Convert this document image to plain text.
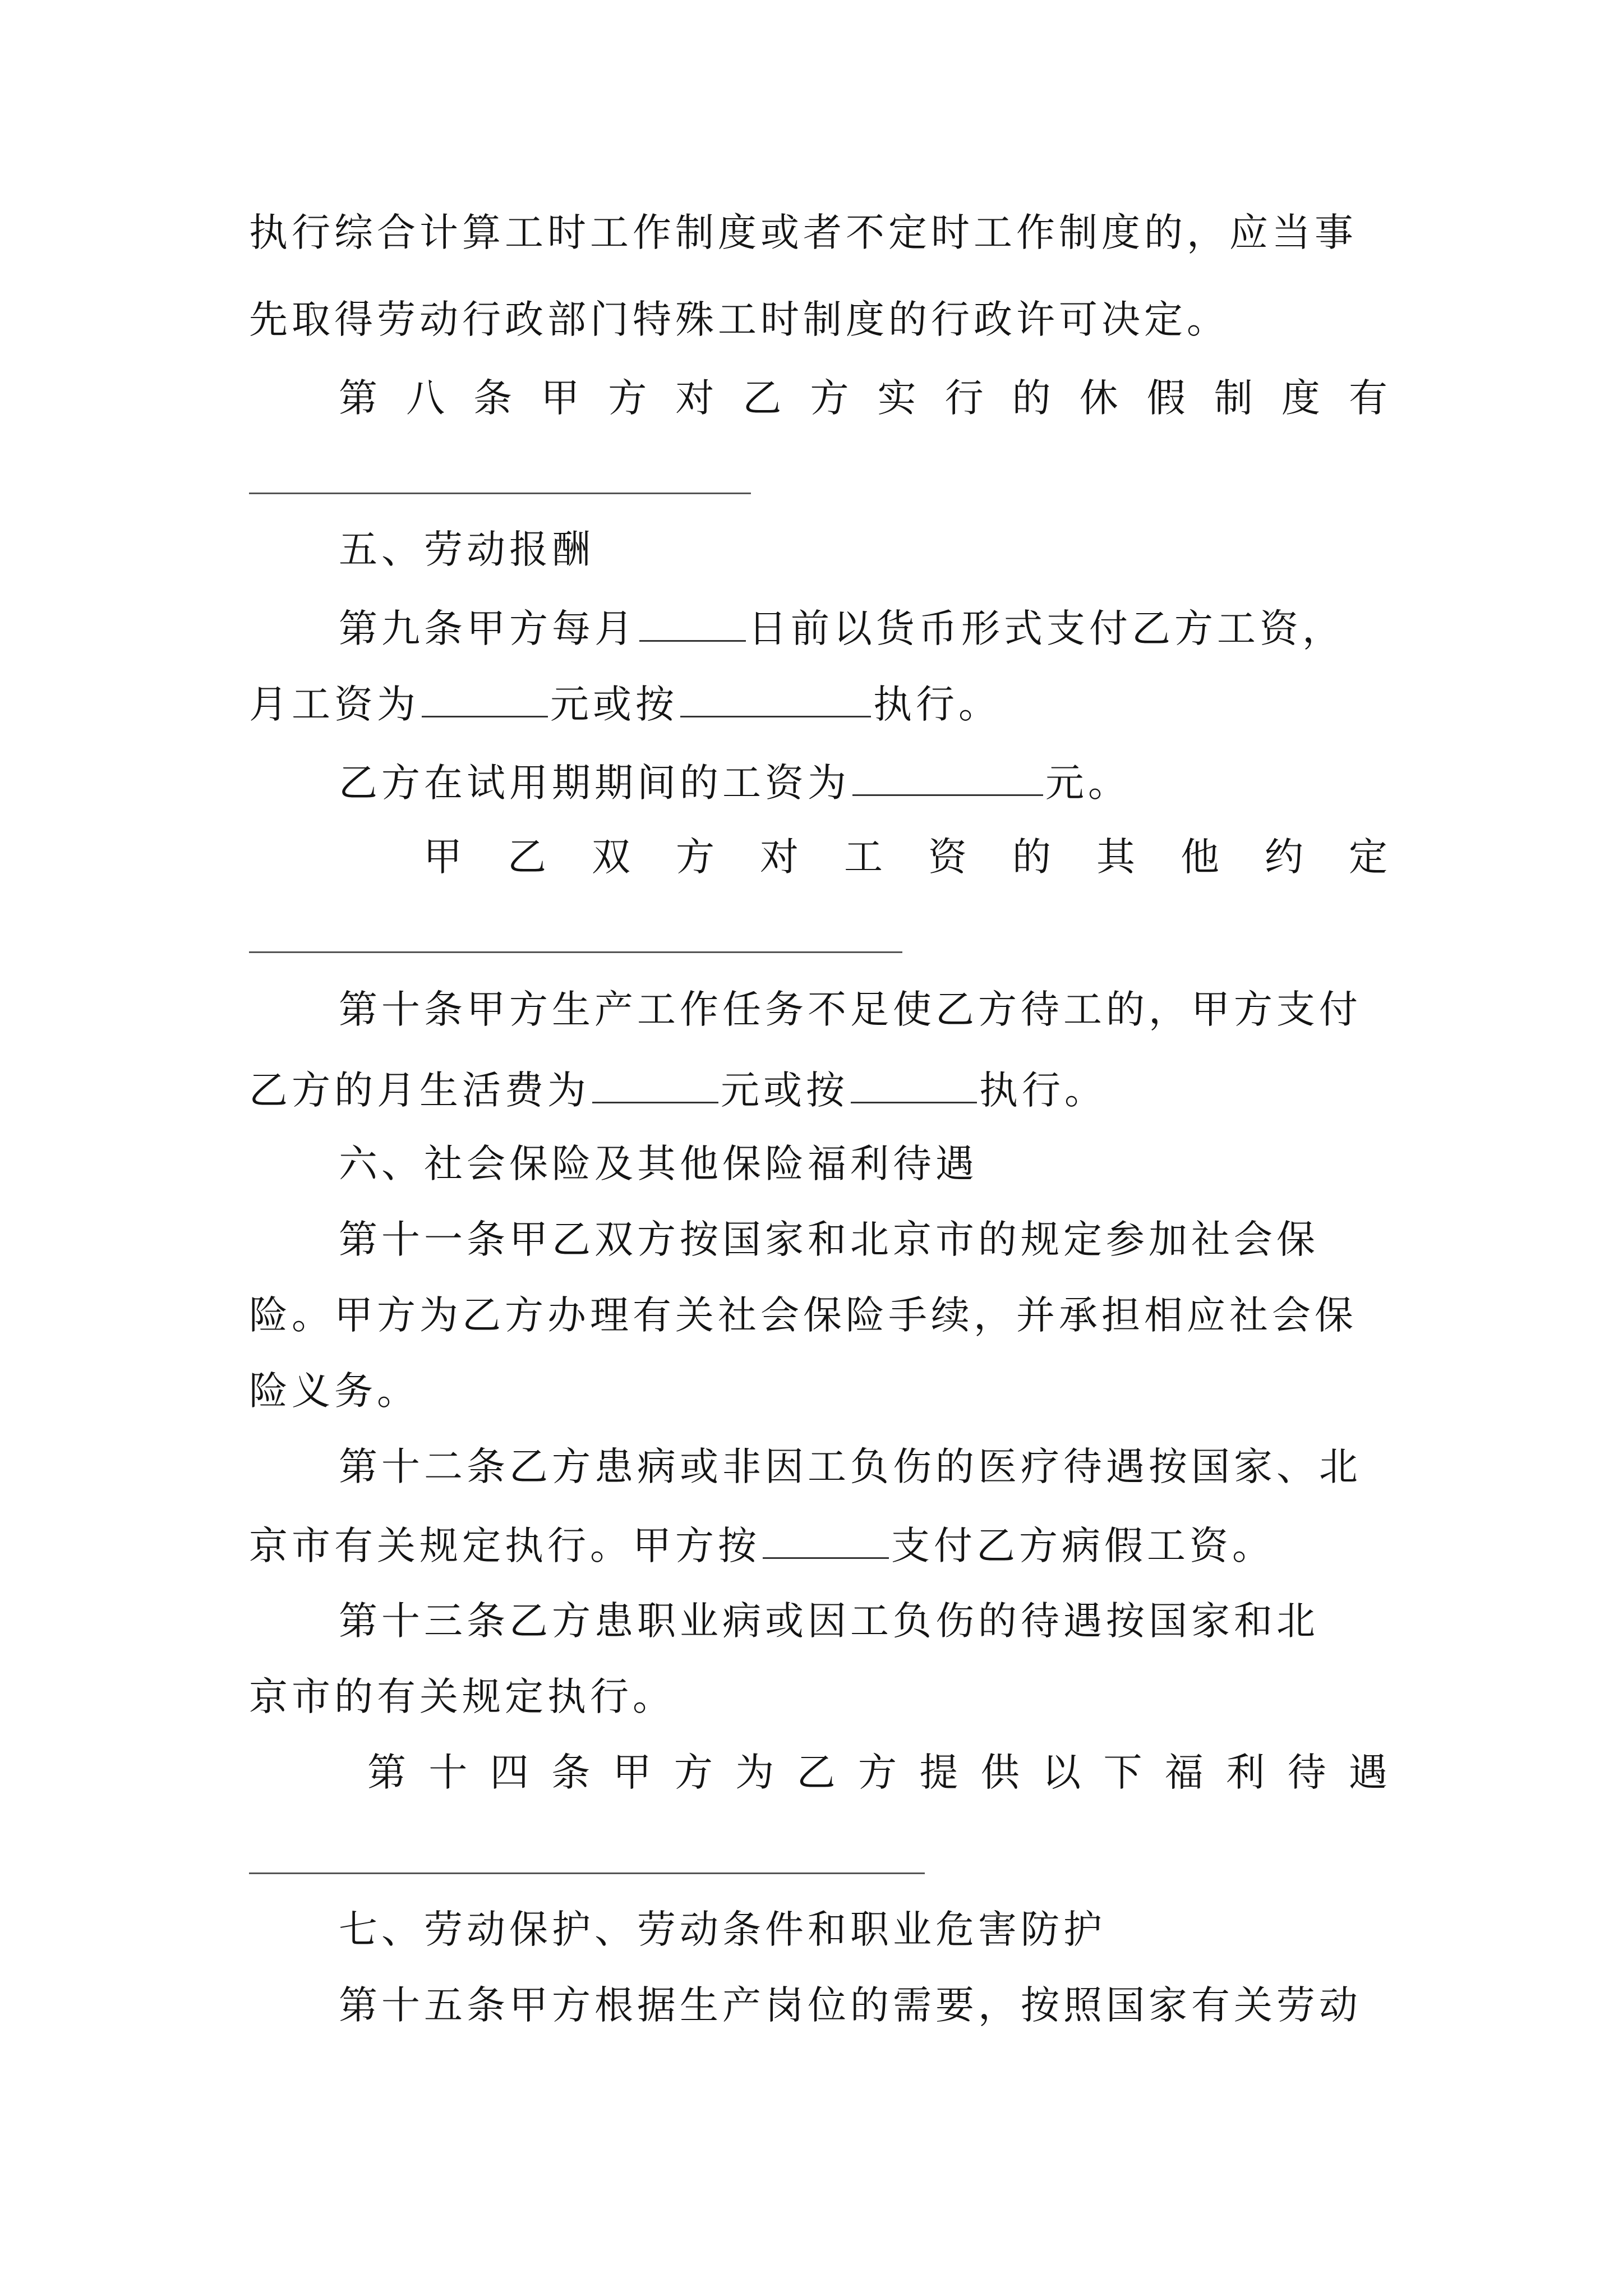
执行综合计算工时工作制度或者不定时工作制度的，应当事
先取得劳动行政部门特殊工时制度的行政许可决定。
第 八 条 甲 方 对 乙 方 实 行 的 休 假 制 度 有
五、劳动报酬
第九条甲方每月	日前以货币形式支付乙方工资，
月工资为	元或按	执行。
乙方在试用期期间的工资为	元。
甲 乙 双 方 对 工 资 的 其 他 约 定
第十条甲方生产工作任务不足使乙方待工的，甲方支付
乙方的月生活费为	元或按	执行。
六、社会保险及其他保险福利待遇
第十一条甲乙双方按国家和北京市的规定参加社会保
险。甲方为乙方办理有关社会保险手续，并承担相应社会保
险义务。
第十二条乙方患病或非因工负伤的医疗待遇按国家、北
京市有关规定执行。甲方按	支付乙方病假工资。
第十三条乙方患职业病或因工负伤的待遇按国家和北
京市的有关规定执行。
第 十 四 条 甲 方 为 乙 方 提 供 以 下 福 利 待 遇
七、劳动保护、劳动条件和职业危害防护
第十五条甲方根据生产岗位的需要，按照国家有关劳动
